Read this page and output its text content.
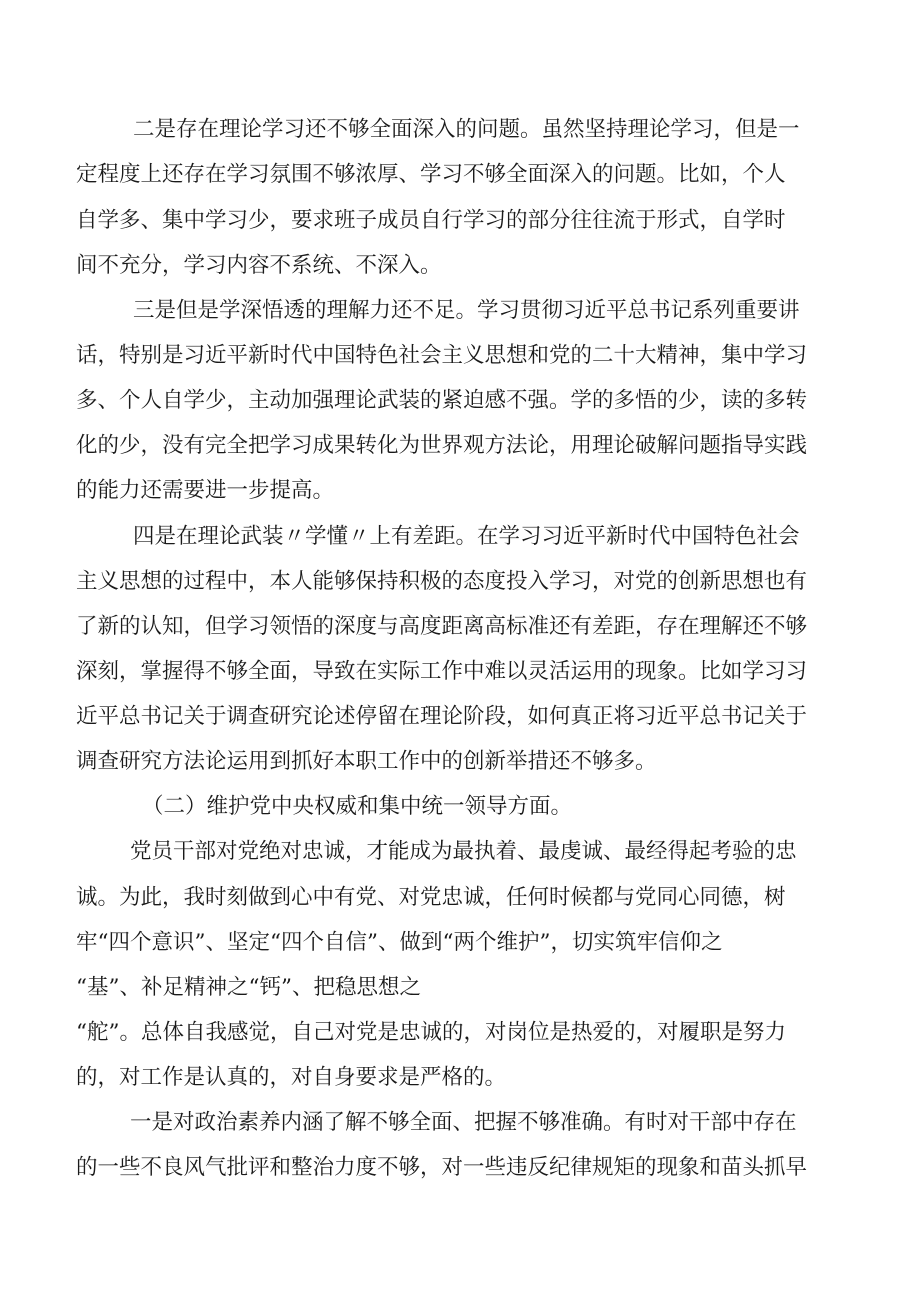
二是存在理论学习还不够全面深入的问题。虽然坚持理论学习，但是一
定程度上还存在学习氛围不够浓厚、学习不够全面深入的问题。比如，个人
自学多、集中学习少，要求班子成员自行学习的部分往往流于形式，自学时
间不充分，学习内容不系统、不深入。
三是但是学深悟透的理解力还不足。学习贯彻习近平总书记系列重要讲
话，特别是习近平新时代中国特色社会主义思想和党的二十大精神，集中学习
多、个人自学少，主动加强理论武装的紧迫感不强。学的多悟的少，读的多转
化的少，没有完全把学习成果转化为世界观方法论，用理论破解问题指导实践
的能力还需要进一步提高。
四是在理论武装〃学懂〃上有差距。在学习习近平新时代中国特色社会
主义思想的过程中，本人能够保持积极的态度投入学习，对党的创新思想也有
了新的认知，但学习领悟的深度与高度距离高标准还有差距，存在理解还不够
深刻，掌握得不够全面，导致在实际工作中难以灵活运用的现象。比如学习习
近平总书记关于调查研究论述停留在理论阶段，如何真正将习近平总书记关于
调查研究方法论运用到抓好本职工作中的创新举措还不够多。
（二）维护党中央权威和集中统一领导方面。
党员干部对党绝对忠诚，才能成为最执着、最虔诚、最经得起考验的忠
诚。为此，我时刻做到心中有党、对党忠诚，任何时候都与党同心同德，树
牢“四个意识”、坚定“四个自信”、做到“两个维护”，切实筑牢信仰之
“基”、补足精神之“钙”、把稳思想之
“舵”。总体自我感觉，自己对党是忠诚的，对岗位是热爱的，对履职是努力
的，对工作是认真的，对自身要求是严格的。
一是对政治素养内涵了解不够全面、把握不够准确。有时对干部中存在
的一些不良风气批评和整治力度不够，对一些违反纪律规矩的现象和苗头抓早
